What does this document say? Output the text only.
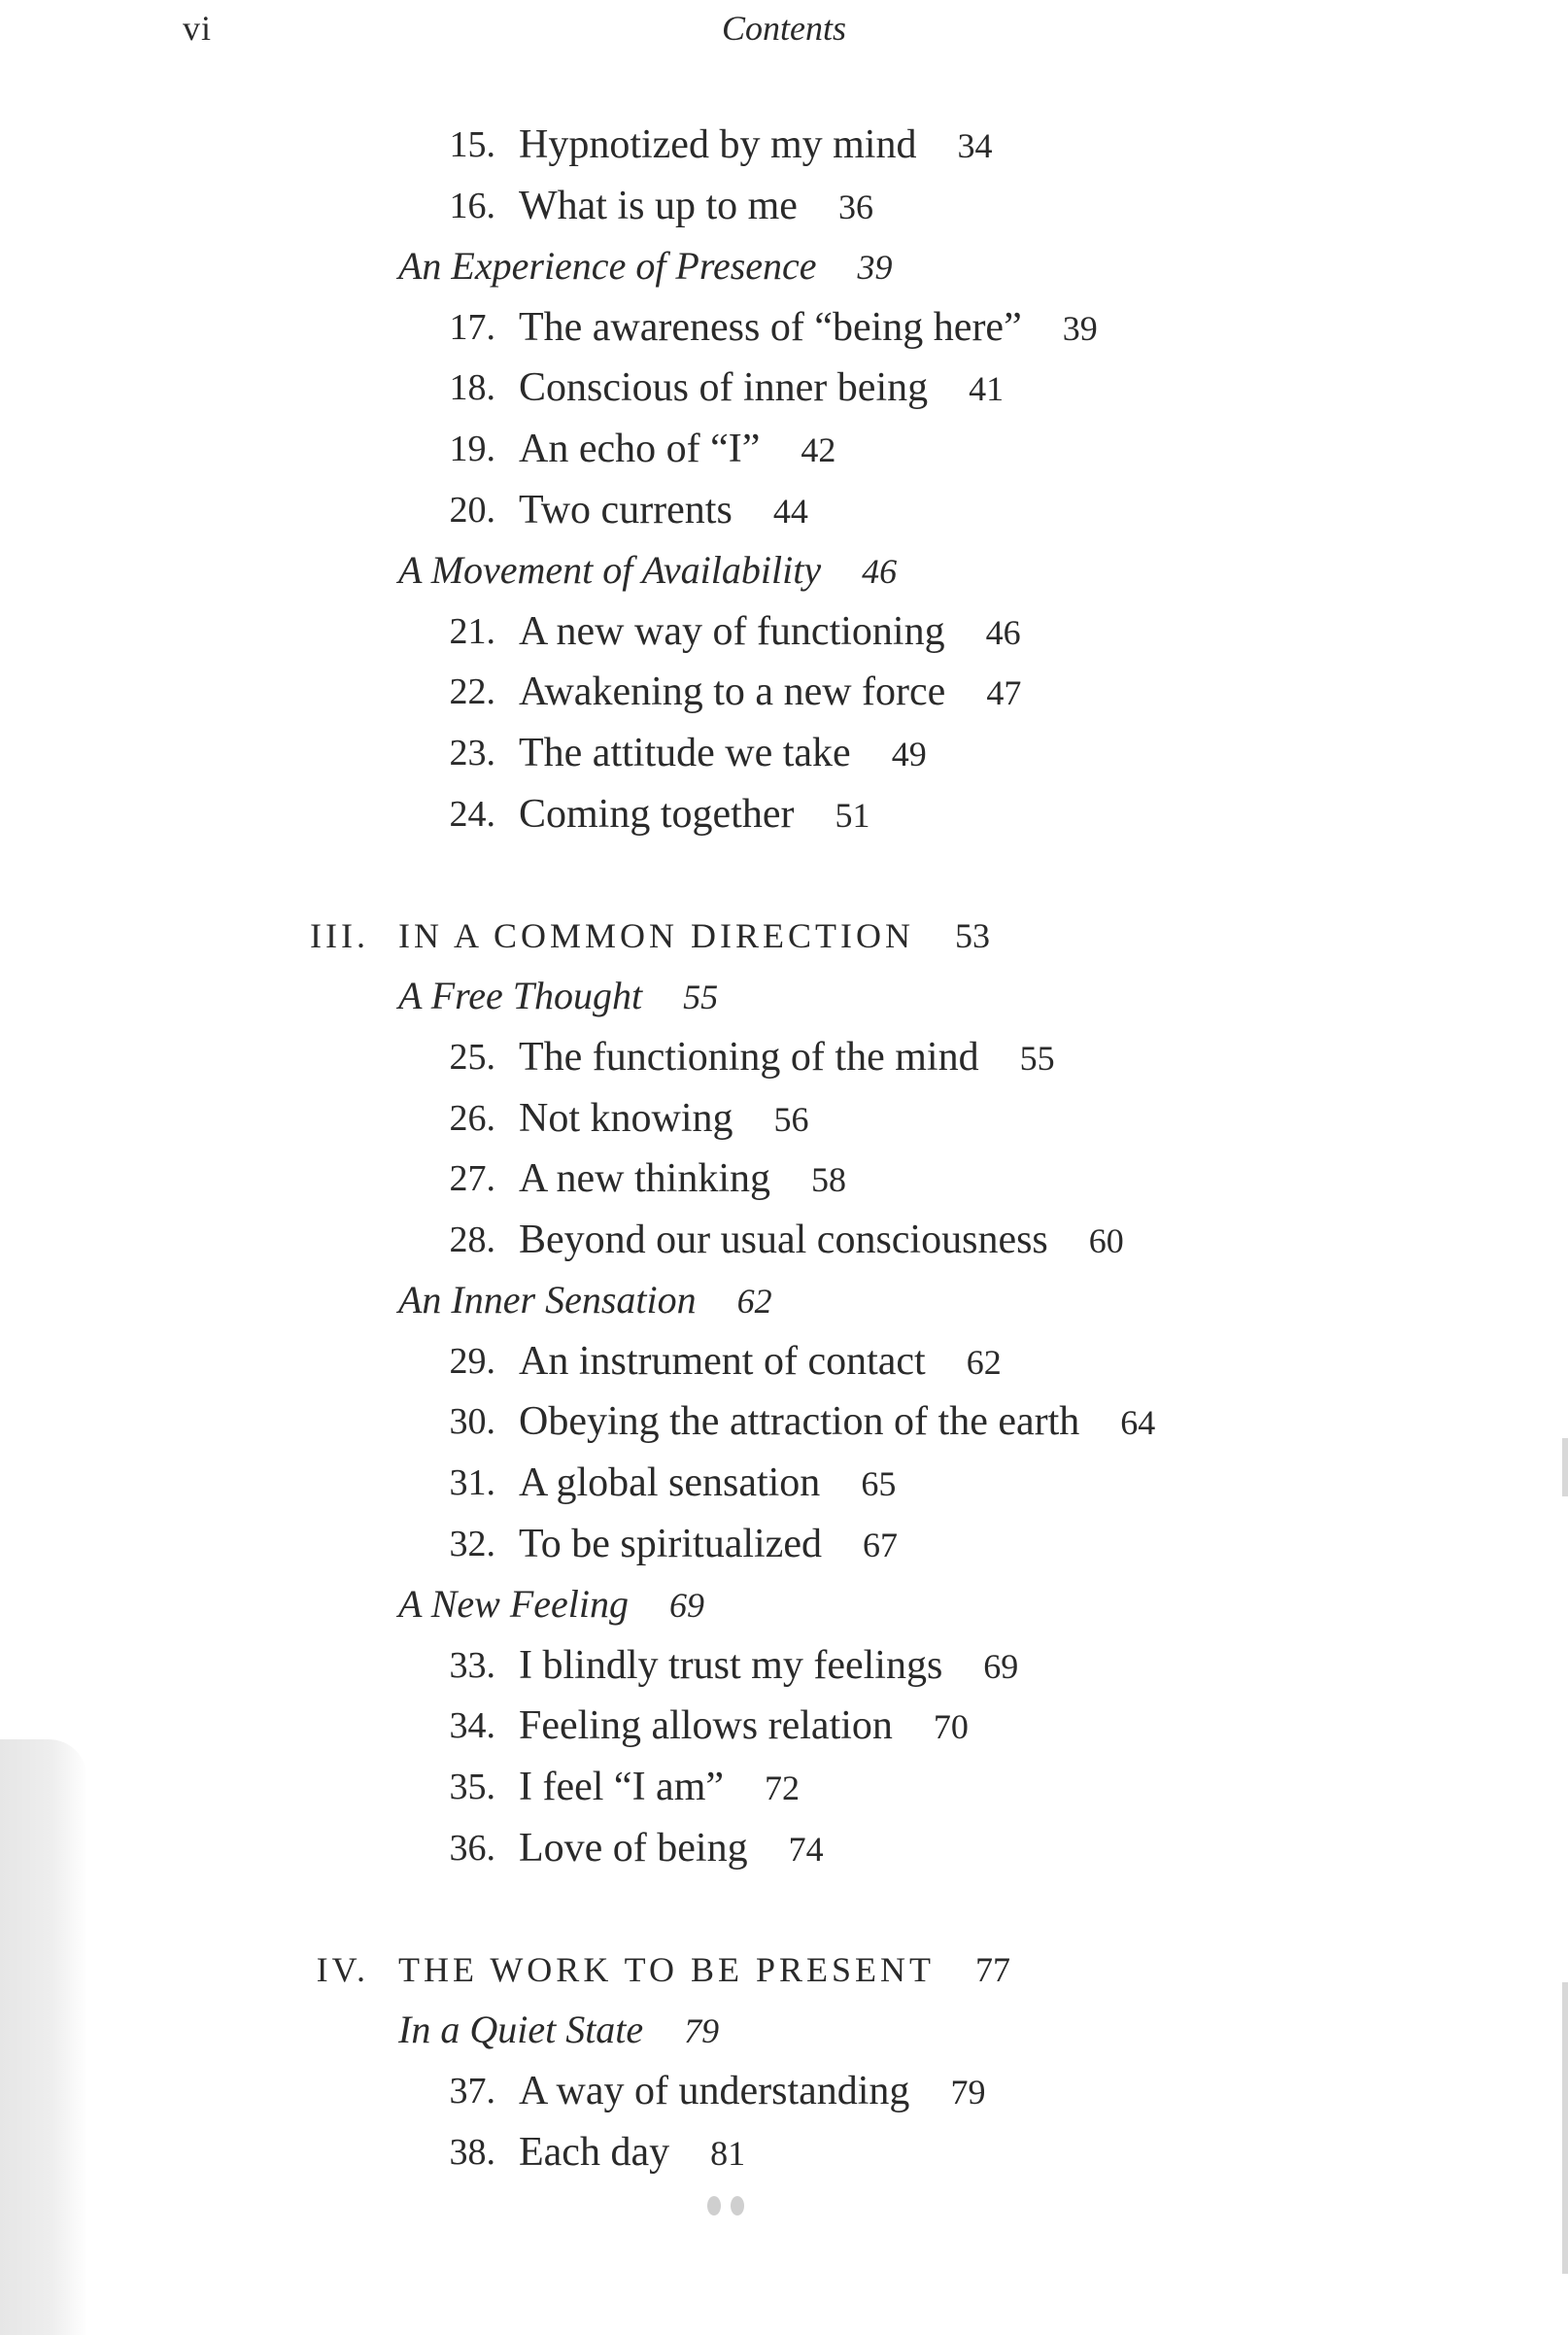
vi	Contents
15. Hypnotized by my mind 34
16. What is up to me 36
An Experience of Presence 39
17. The awareness of “being here” 39
18. Conscious of inner being 41
19. An echo of “I” 42
20. Two currents 44
A Movement of Availability 46
21. A new way of functioning 46
22. Awakening to a new force 47
23. The attitude we take 49
24. Coming together 51
III. IN A COMMON DIRECTION 53
A Free Thought 55
25. The functioning of the mind 55
26. Not knowing 56
27. A new thinking 58
28. Beyond our usual consciousness 60
An Inner Sensation 62
29. An instrument of contact 62
30. Obeying the attraction of the earth 64
31. A global sensation 65
32. To be spiritualized 67
A New Feeling 69
33. I blindly trust my feelings 69
34. Feeling allows relation 70
35. I feel “I am” 72
36. Love of being 74
IV. THE WORK TO BE PRESENT 77
In a Quiet State 79
37. A way of understanding 79
38. Each day 81
